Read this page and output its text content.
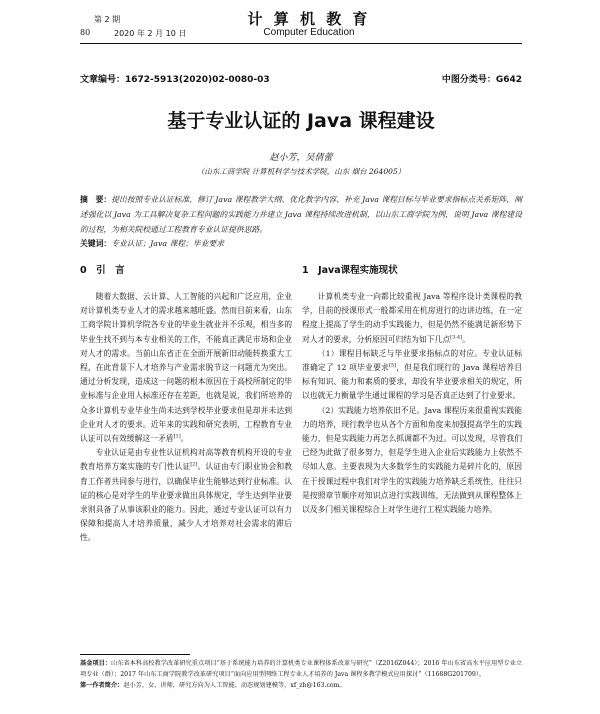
第 2 期
80	2020 年 2 月 10 日
计 算 机 教 育
Computer Education
文章编号：1672-5913(2020)02-0080-03	中图分类号：G642
基于专业认证的 Java 课程建设
赵小芳，吴倩蕾
（山东工商学院 计算机科学与技术学院，山东 烟台 264005）
摘　要：提出按照专业认证标准，修订 Java 课程教学大纲、优化教学内容、补充 Java 课程目标与毕业要求指标点关系矩阵，阐述强化以 Java 为工具解决复杂工程问题的实践能力并建立 Java 课程持续改进机制，以山东工商学院为例，说明 Java 课程建设的过程，为相关院校通过工程教育专业认证提供思路。
关键词：专业认证；Java 课程；毕业要求
0　引　言	1　Java课程实施现状

随着大数据、云计算、人工智能的兴起和广泛应用，企业对计算机类专业人才的需求越来越旺盛。然而目前来看，山东工商学院计算机学院各专业的毕业生就业并不乐观，相当多的毕业生找不到与本专业相关的工作，不能真正满足市场和企业对人才的需求。当前山东省正在全面开展新旧动能转换重大工程，在此背景下人才培养与产业需求脱节这一问题尤为突出。通过分析发现，造成这一问题的根本原因在于高校所制定的毕业标准与企业用人标准还存在差距，也就是说，我们所培养的众多计算机专业毕业生尚未达到学校毕业要求但是却并未达到企业对人才的要求。近年来的实践和研究表明，工程教育专业认证可以有效缓解这一矛盾[1]。

专业认证是由专业性认证机构对高等教育机构开设的专业教育培养方案实施的专门性认证[2]。认证由专门职业协会和教育工作者共同参与进行，以确保毕业生能够达到行业标准。认证的核心是对学生的毕业要求做出具体规定，学生达到毕业要求则具备了从事该职业的能力。因此，通过专业认证可以有力保障和提高人才培养质量，减少人才培养对社会需求的滞后性。

计算机类专业一向都比较重视 Java 等程序设计类课程的教学，目前的授课形式一般都采用在机房进行的边讲边练，在一定程度上提高了学生的动手实践能力，但是仍然不能满足新形势下对人才的要求，分析原因可归结为如下几点[3-4]。

（1）课程目标缺乏与毕业要求指标点的对应。专业认证标准确定了 12 项毕业要求[5]，但是我们现行的 Java 课程培养目标有知识、能力和素质的要求，却没有毕业要求相关的规定，所以也就无力衡量学生通过课程的学习是否真正达到了行业要求。

（2）实践能力培养依旧不足。Java 课程历来很重视实践能力的培养，现行教学也从各个方面和角度来加强提高学生的实践能力，但是实践能力再怎么抓调都不为过。可以发现，尽管我们已经为此做了很多努力，但是学生进入企业后实践能力上依然不尽如人意。主要表现为大多数学生的实践能力是碎片化的，原因在于授课过程中我们对学生的实践能力培养缺乏系统性，往往只是按照章节顺序对知识点进行实践训练，无法做到从课程整体上以及多门相关课程综合上对学生进行工程实践能力培养。

基金项目：山东省本科高校教学改革研究重点项目“基于系统能力培养的计算机类专业课程体系改革与研究”（Z2016Z044）；2016 年山东省高水平应用型专业立项专业（群）；2017 年山东工商学院教学改革研究项目“面向应用型网络工程专业人才培养的 Java 课程多教学模式应用探讨”（11688G201709）。
第一作者简介：赵小芳，女，讲师，研究方向为人工智能、动态规划建模等，xf_zh@163.com。
